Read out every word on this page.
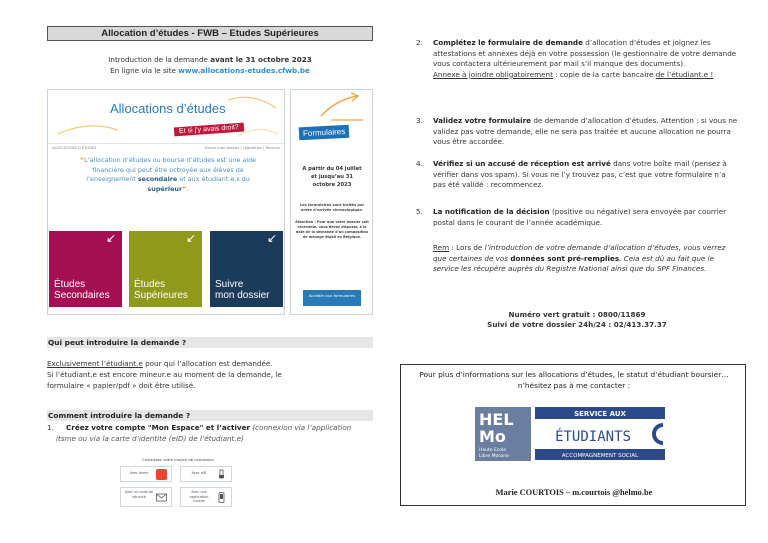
Allocation d’études - FWB – Etudes Supérieures
Introduction de la demande avant le 31 octobre 2023
En ligne via le site www.allocations-etudes.cfwb.be
Allocations d’études
Et si j’y avais droit?
ALLOCATIONS D’ÉTUDES	Suivre mon dossier | Législation | Recours
“L’allocation d’études ou bourse d’études est une aide financière qui peut être octroyée aux élèves de l’enseignement secondaire et aux étudiant.e.s du supérieur”.
↙
Études
Secondaires
↙
Études
Supérieures
↙
Suivre
mon dossier
Formulaires
A partir du 04 juillet
et jusqu’au 31
octobre 2023
Les formulaires sont traités par ordre d’arrivée chronologique.
Attention : Pour que votre dossier soit recevable, vous devez disposer, à la date de la demande d’un composition de ménage établi en Belgique.
Accéder aux formulaires
Qui peut introduire la demande ?
Exclusivement l’étudiant.e pour qui l’allocation est demandée.
Si l’étudiant.e est encore mineur.e au moment de la demande, le
formulaire « papier/pdf » doit être utilisé.
Comment introduire la demande ?
1. Créez votre compte "Mon Espace" et l’activer (connexion via l’application itsme ou via la carte d’identité (eID) de l’étudiant.e)
Choisissez votre moyen de connexion
Avec itsme	Avec eID
Avec un code de sécurité
Avec une application mobile
2. Complétez le formulaire de demande d’allocation d’études et joignez les attestations et annexes déjà en votre possession (le gestionnaire de votre demande vous contactera ultérieurement par mail s’il manque des documents).
Annexe à joindre obligatoirement : copie de la carte bancaire de l’étudiant.e !
3. Validez votre formulaire de demande d’allocation d’études. Attention : si vous ne validez pas votre demande, elle ne sera pas traitée et aucune allocation ne pourra vous être accordée.
4. Vérifiez si un accusé de réception est arrivé dans votre boîte mail (pensez à vérifier dans vos spam). Si vous ne l’y trouvez pas, c’est que votre formulaire n’a pas été validé : recommencez.
5. La notification de la décision (positive ou négative) sera envoyée par courrier postal dans le courant de l’année académique.
Rem : Lors de l’introduction de votre demande d’allocation d’études, vous verrez que certaines de vos données sont pré-remplies. Ceia est dû au fait que le service les récupère auprès du Registre National ainsi que du SPF Finances.
Numéro vert gratuit : 0800/11869
Suivi de votre dossier 24h/24 : 02/413.37.37
Pour plus d’informations sur les allocations d’études, le statut d’étudiant boursier…n’hésitez pas à me contacter :
HEL
Mo
Haute Ecole
Libre Mosane
SERVICE AUX
ÉTUDIANTS
ACCOMPAGNEMENT SOCIAL
Marie COURTOIS – m.courtois @helmo.be
